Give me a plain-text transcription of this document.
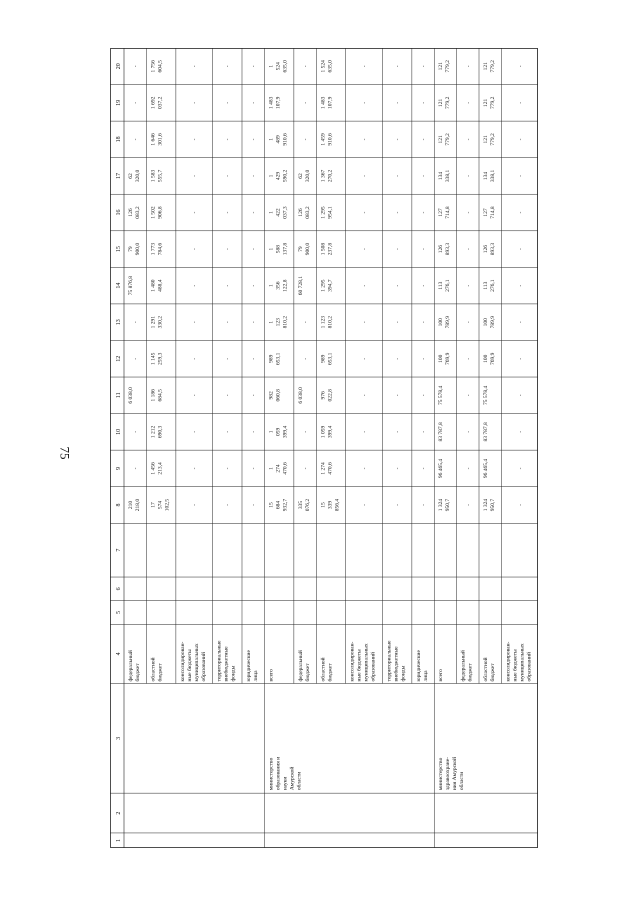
75
1
2
3
4
5
6
7
8
9
10
11
12
13
14
15
16
17
18
19
20
федеральный бюджет
210 218,0
6 038,0
75 876,8
79 900,0
126 083,2
62 320,0
-
-
-
-
-
-
-
областной бюджет
17 574 102,5
1 456 213,4
1 212 690,3
1 186 684,5
1 145 259,3
1 291 330,2
1 480 488,4
1 773 784,6
1 502 906,8
1 583 555,7
1 646 301,6
1 692 037,2
1 756 604,5
консолидирован- ные бюджеты муниципальных образований
-
-
-
-
-
-
-
-
-
-
-
-
-
территориальные внебюджетные фонды
-
-
-
-
-
-
-
-
-
-
-
-
-
юридические лица
-
-
-
-
-
-
-
-
-
-
-
-
-
всего
15 684 932,7
1 274 470,6
1 059 399,4
982 060,8
989 653,1
1 123 810,2
1 356 122,8
1 588 137,8
1 422 037,3
1 429 590,2
1 489 910,6
1 483 107,9
1 524 635,0
федеральный бюджет
335 076,2
6 038,0
60 728,1
79 900,0
126 083,2
62 320,0
-
-
-
-
-
-
-
областной бюджет
15 339 856,4
1 274 470,6
1 059 399,4
976 022,8
989 653,1
1 123 810,2
1 295 394,7
1 508 237,8
1 295 954,1
1 367 270,2
1 459 910,6
1 483 107,9
1 524 635,0
консолидирован- ные бюджеты муниципальных образований
-
-
-
-
-
-
-
-
-
-
-
-
-
территориальные внебюджетные фонды
-
-
-
-
-
-
-
-
-
-
-
-
-
юридические лица
-
-
-
-
-
-
-
-
-
-
-
-
-
министерство образования и науки Амурской области
всего
1 324 950,7
96 465,4
83 787,8
75 578,4
100 769,9
100 789,9
113 276,1
126 893,3
127 714,8
134 338,1
121 779,2
121 779,2
121 779,2
федеральный бюджет
-
-
-
-
-
-
-
-
-
-
-
-
-
областной бюджет
1 324 950,7
96 465,4
83 787,8
75 578,4
100 769,9
100 789,9
113 276,1
126 893,3
127 714,8
134 338,1
121 779,2
121 779,2
121 779,2
консолидирован- ные бюджеты муниципальных образований
-
-
-
-
-
-
-
-
-
-
-
-
-
министерство здравоохране- ния Амурской области
